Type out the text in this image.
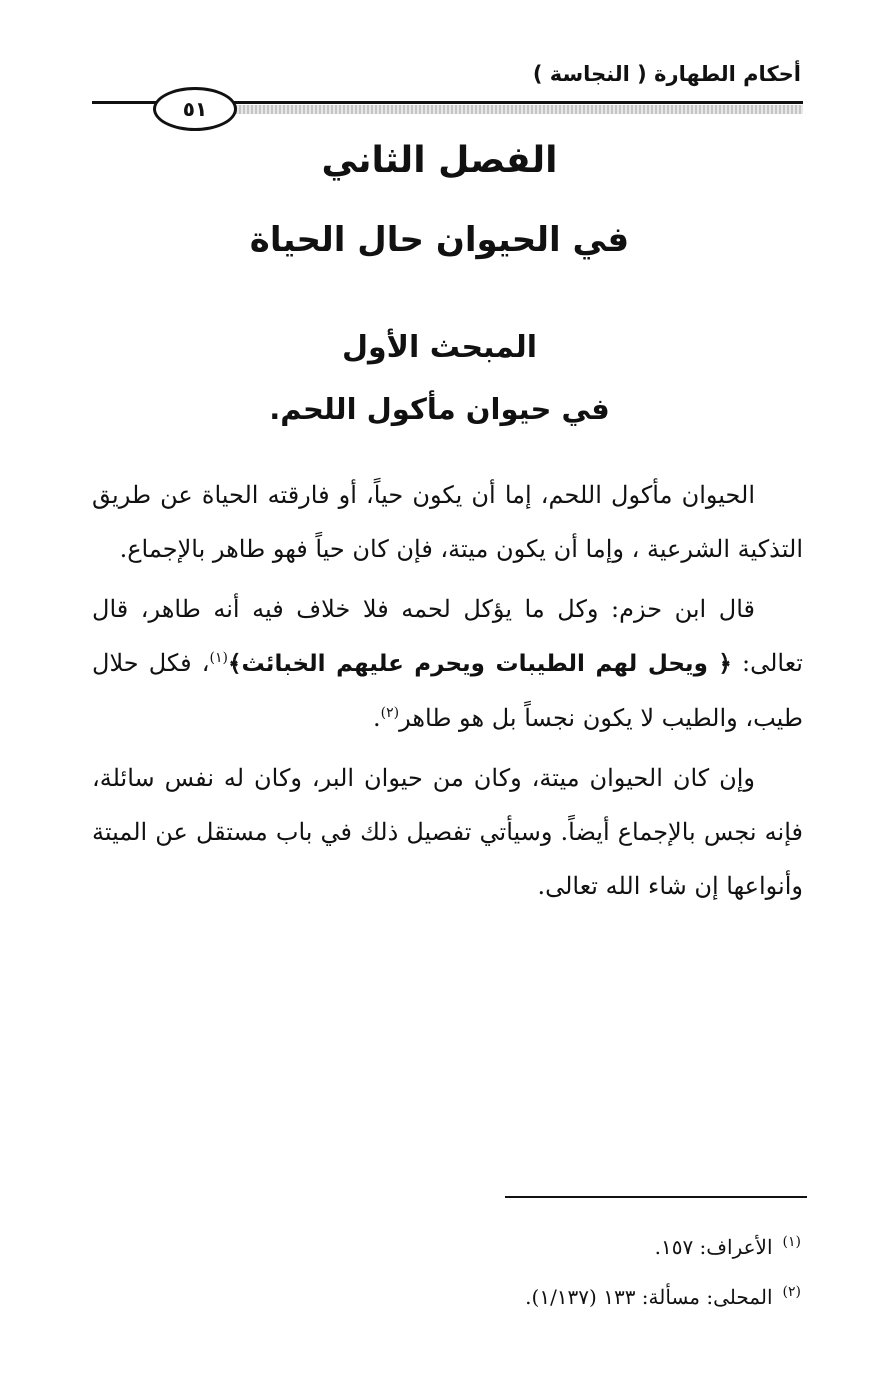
أحكام الطهارة ( النجاسة )
٥١
الفصل الثاني
في الحيوان حال الحياة
المبحث الأول
في حيوان مأكول اللحم.

الحيوان مأكول اللحم، إما أن يكون حياً، أو فارقته الحياة عن طريق التذكية الشرعية ، وإما أن يكون ميتة، فإن كان حياً فهو طاهر بالإجماع.

قال ابن حزم: وكل ما يؤكل لحمه فلا خلاف فيه أنه طاهر، قال تعالى: ﴿ ويحل لهم الطيبات ويحرم عليهم الخبائث﴾$^{(١)}$، فكل حلال طيب، والطيب لا يكون نجساً بل هو طاهر$^{(٢)}$.

وإن كان الحيوان ميتة، وكان من حيوان البر، وكان له نفس سائلة، فإنه نجس بالإجماع أيضاً. وسيأتي تفصيل ذلك في باب مستقل عن الميتة وأنواعها إن شاء الله تعالى.

$^{(١)}$الأعراف: ١٥٧.
$^{(٢)}$المحلى: مسألة: ١٣٣ (١/١٣٧).
